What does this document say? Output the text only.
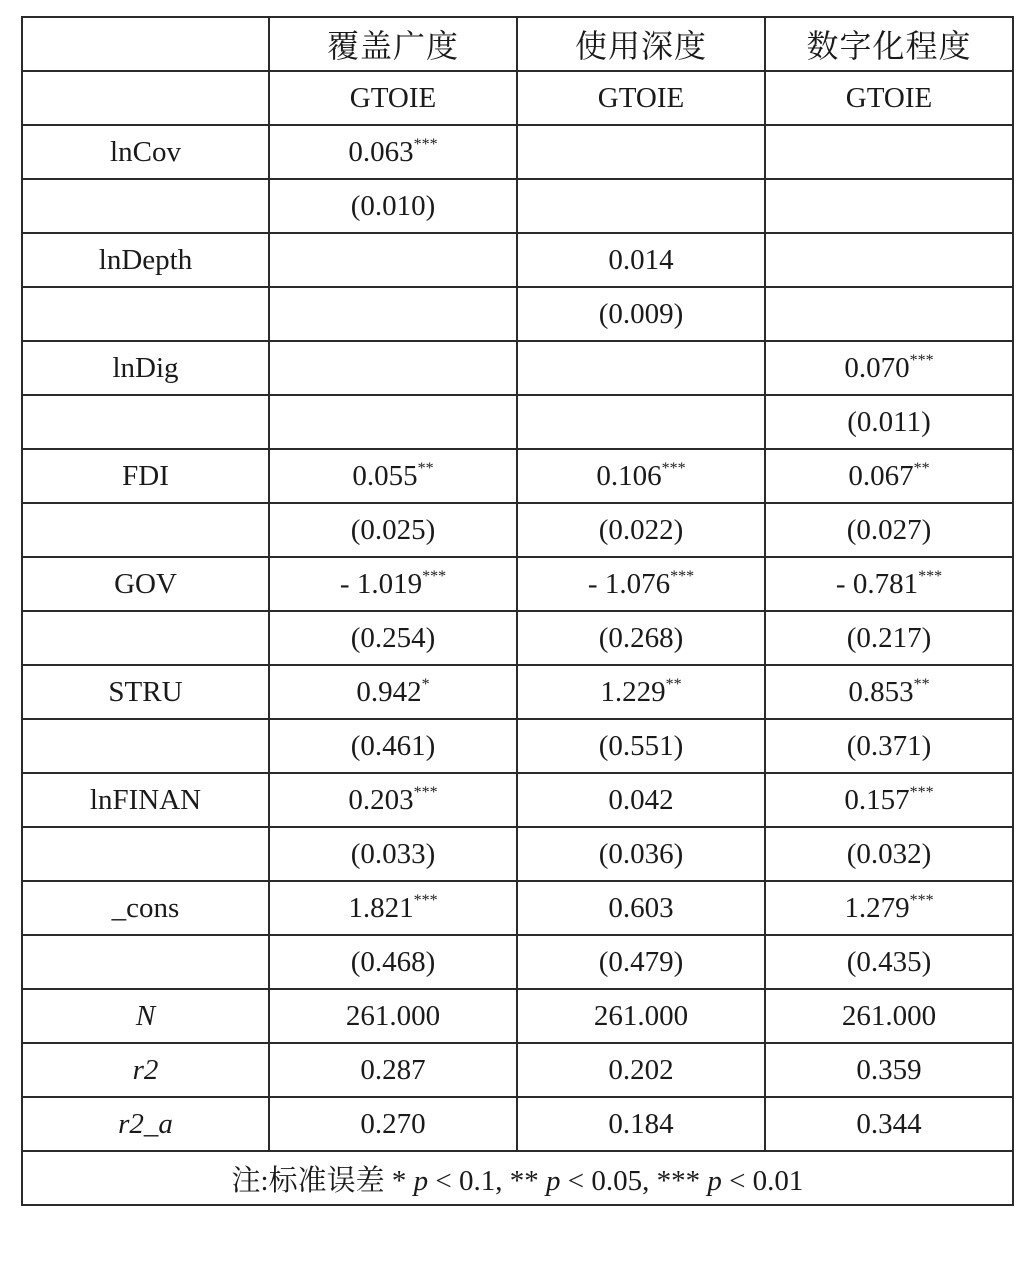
	覆盖广度	使用深度	数字化程度
	GTOIE	GTOIE	GTOIE
lnCov	0.063***		
	(0.010)		
lnDepth		0.014	
		(0.009)	
lnDig			0.070***
			(0.011)
FDI	0.055**	0.106***	0.067**
	(0.025)	(0.022)	(0.027)
GOV	- 1.019***	- 1.076***	- 0.781***
	(0.254)	(0.268)	(0.217)
STRU	0.942*	1.229**	0.853**
	(0.461)	(0.551)	(0.371)
lnFINAN	0.203***	0.042	0.157***
	(0.033)	(0.036)	(0.032)
_cons	1.821***	0.603	1.279***
	(0.468)	(0.479)	(0.435)
N	261.000	261.000	261.000
r2	0.287	0.202	0.359
r2_a	0.270	0.184	0.344
注:标准误差 * p < 0.1, ** p < 0.05, *** p < 0.01			
